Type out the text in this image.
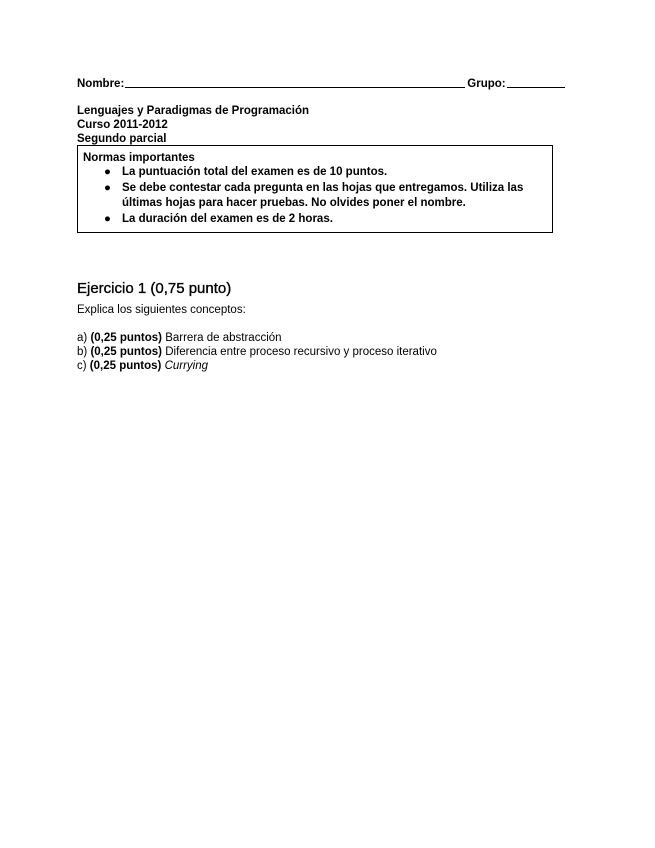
Nombre:	Grupo:
Lenguajes y Paradigmas de Programación
Curso 2011-2012
Segundo parcial
Normas importantes
● La puntuación total del examen es de 10 puntos.
● Se debe contestar cada pregunta en las hojas que entregamos. Utiliza las últimas hojas para hacer pruebas. No olvides poner el nombre.
● La duración del examen es de 2 horas.
Ejercicio 1 (0,75 punto)
Explica los siguientes conceptos:
a) (0,25 puntos) Barrera de abstracción
b) (0,25 puntos) Diferencia entre proceso recursivo y proceso iterativo
c) (0,25 puntos) Currying
